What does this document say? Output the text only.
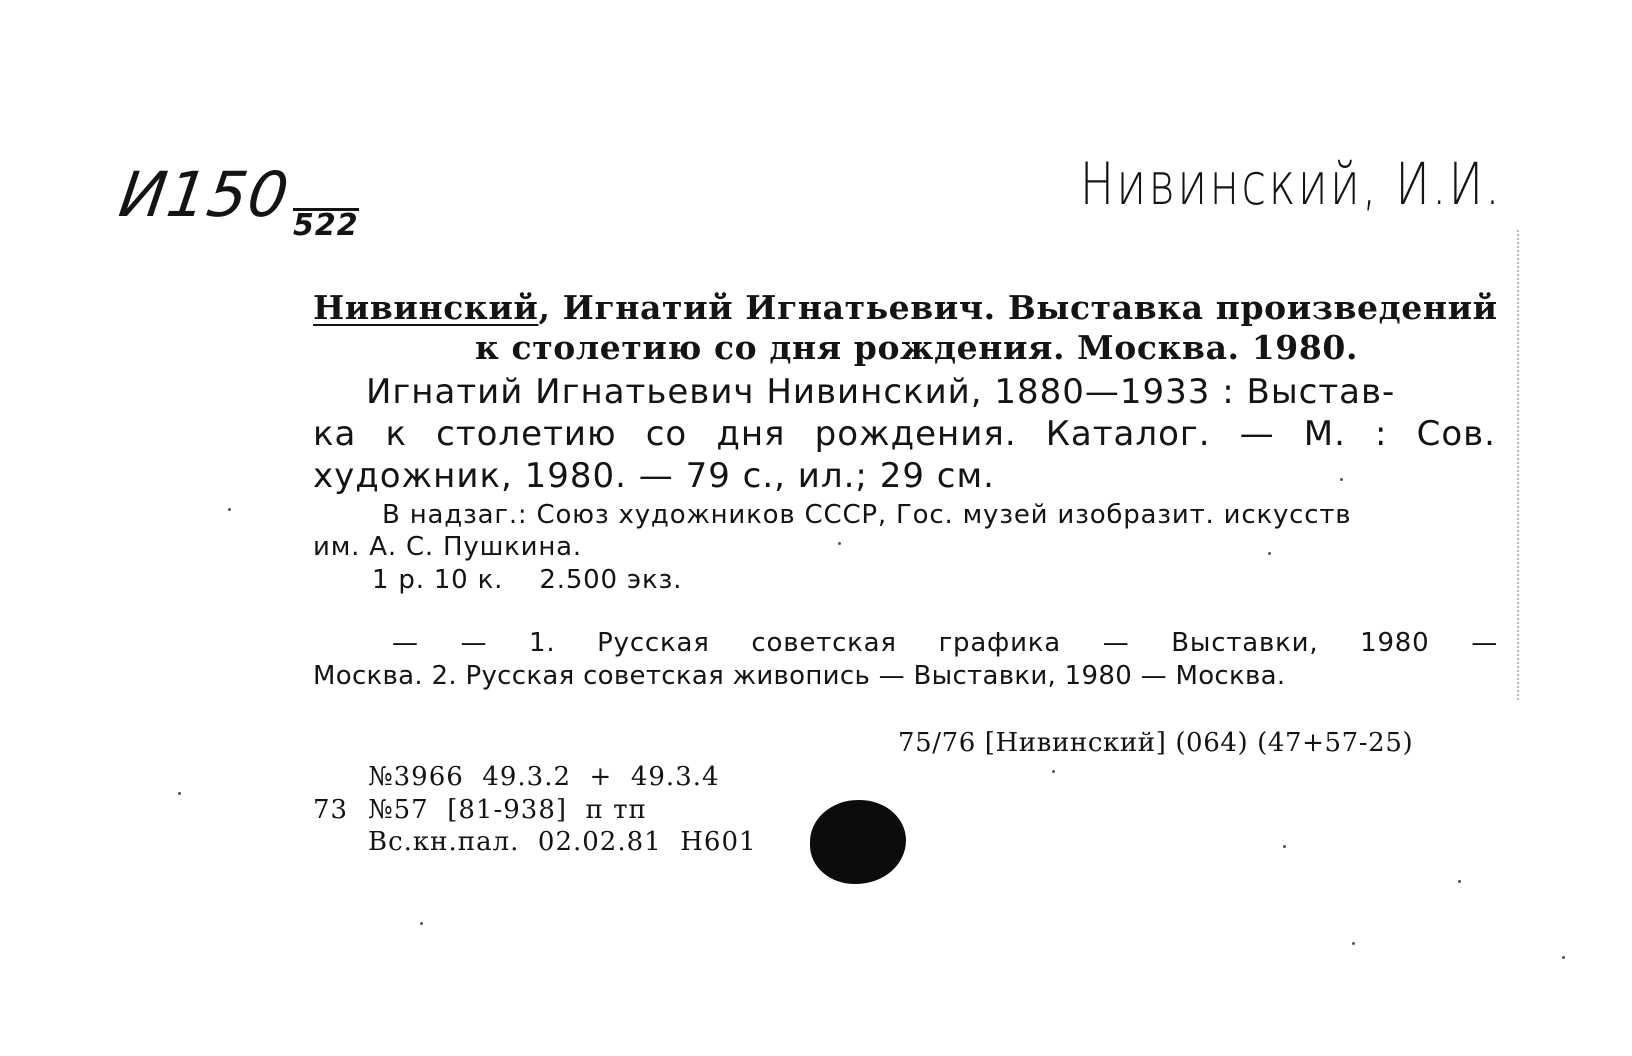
И150 522
Нивинский, И.И.
Нивинский, Игнатий Игнатьевич. Выставка произведений
к столетию со дня рождения. Москва. 1980.
Игнатий Игнатьевич Нивинский, 1880—1933 : Выстав-
ка к столетию со дня рождения. Каталог. — М. : Сов.
художник, 1980. — 79 с., ил.; 29 см.
В надзаг.: Союз художников СССР, Гос. музей изобразит. искусств
им. А. С. Пушкина.
1 р. 10 к.    2.500 экз.
— — 1. Русская советская графика — Выставки, 1980 —
Москва. 2. Русская советская живопись — Выставки, 1980 — Москва.
75/76 [Нивинский] (064) (47+57-25)
№3966  49.3.2  +  49.3.4
73 №57  [81-938]  п тп
Вс.кн.пал.  02.02.81  Н601
